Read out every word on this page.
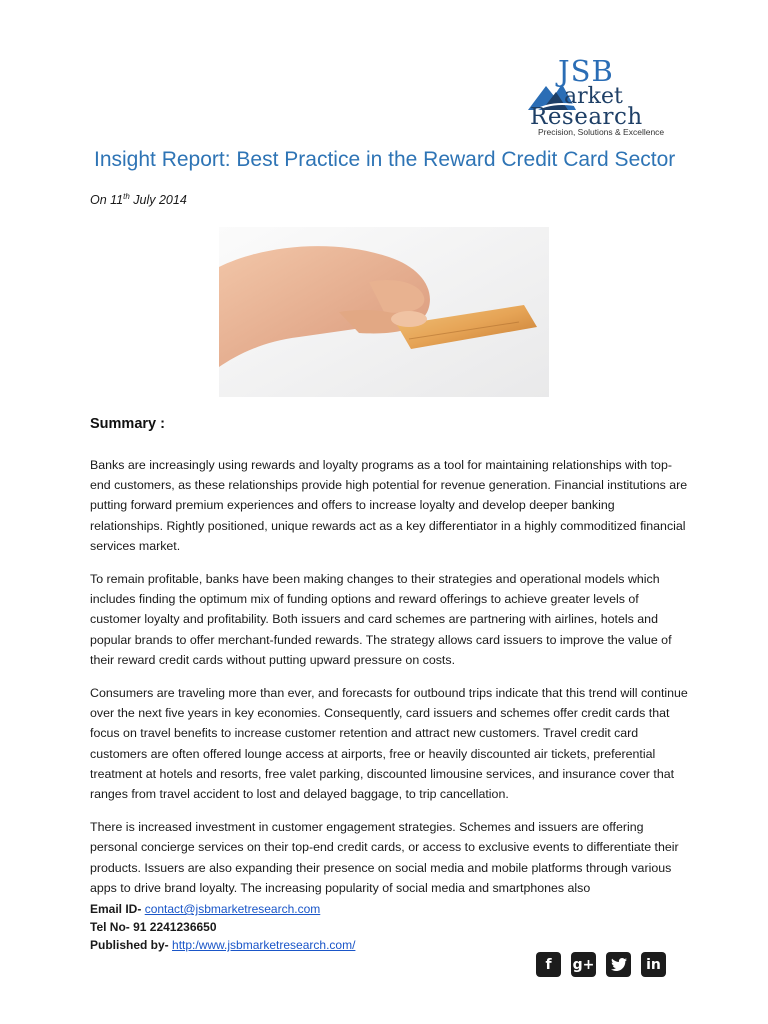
JSB
arket
Research
Precision, Solutions & Excellence
Insight Report: Best Practice in the Reward Credit Card Sector
On 11th July 2014
Summary :

Banks are increasingly using rewards and loyalty programs as a tool for maintaining relationships with top-end customers, as these relationships provide high potential for revenue generation. Financial institutions are putting forward premium experiences and offers to increase loyalty and develop deeper banking relationships. Rightly positioned, unique rewards act as a key differentiator in a highly commoditized financial services market.

To remain profitable, banks have been making changes to their strategies and operational models which includes finding the optimum mix of funding options and reward offerings to achieve greater levels of customer loyalty and profitability. Both issuers and card schemes are partnering with airlines, hotels and popular brands to offer merchant-funded rewards. The strategy allows card issuers to improve the value of their reward credit cards without putting upward pressure on costs.

Consumers are traveling more than ever, and forecasts for outbound trips indicate that this trend will continue over the next five years in key economies. Consequently, card issuers and schemes offer credit cards that focus on travel benefits to increase customer retention and attract new customers. Travel credit card customers are often offered lounge access at airports, free or heavily discounted air tickets, preferential treatment at hotels and resorts, free valet parking, discounted limousine services, and insurance cover that ranges from travel accident to lost and delayed baggage, to trip cancellation.

There is increased investment in customer engagement strategies. Schemes and issuers are offering personal concierge services on their top-end credit cards, or access to exclusive events to differentiate their products. Issuers are also expanding their presence on social media and mobile platforms through various apps to drive brand loyalty. The increasing popularity of social media and smartphones also

Email ID- contact@jsbmarketresearch.com
Tel No- 91 2241236650
Published by- http:/www.jsbmarketresearch.com/
f	g+	in
